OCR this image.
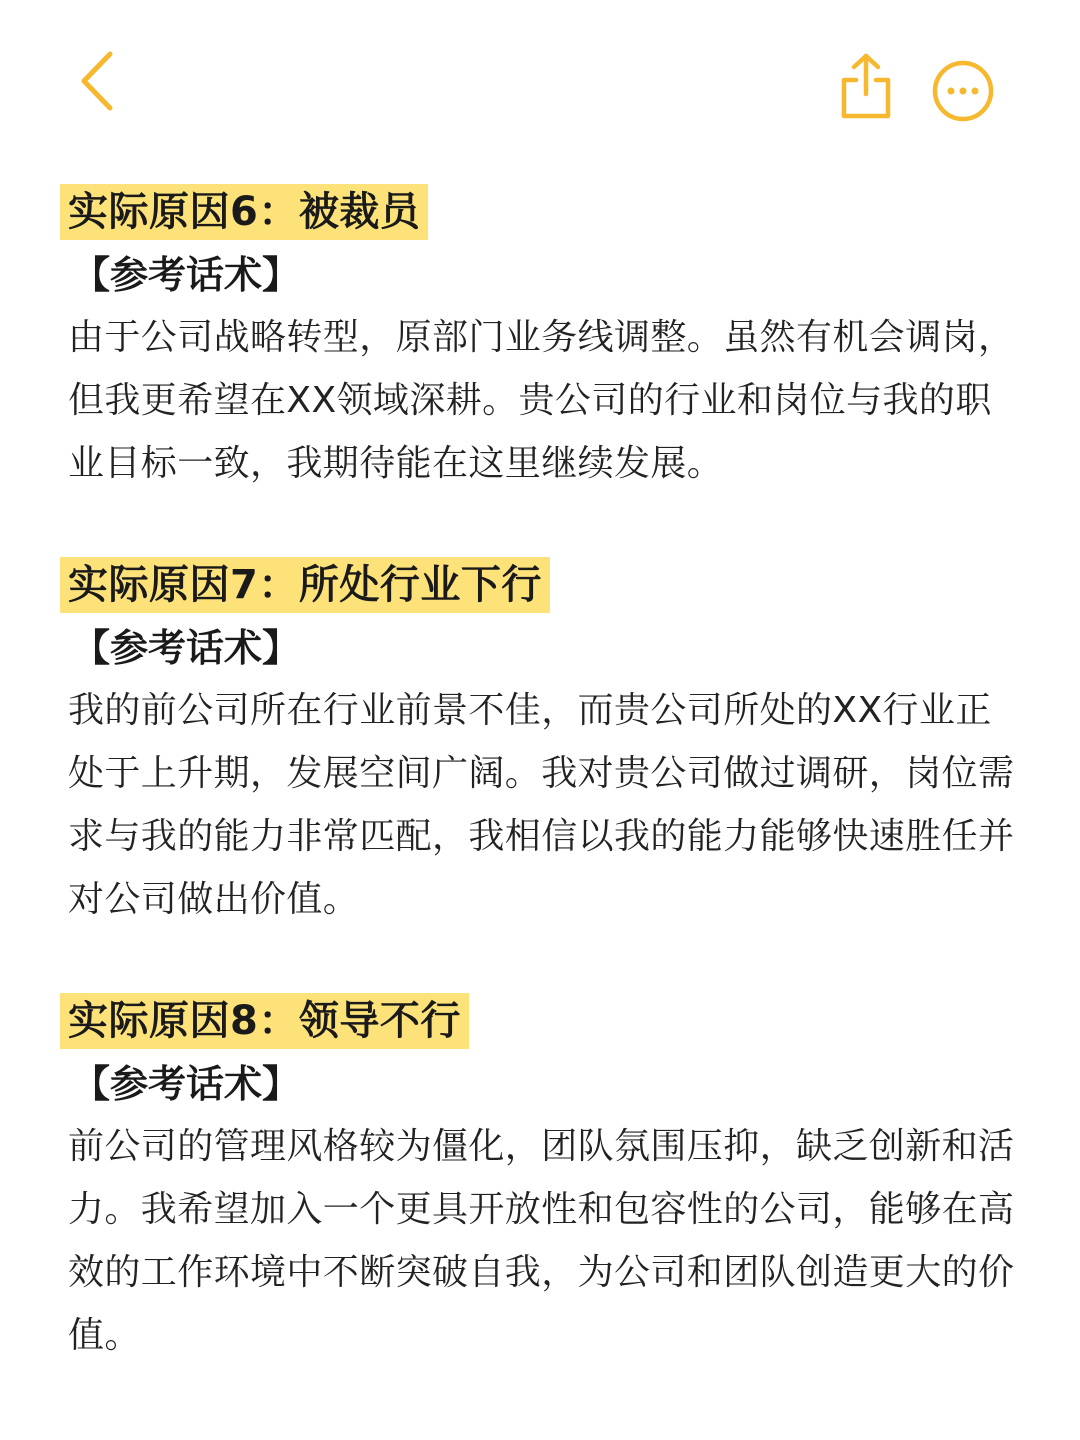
实际原因6：被裁员
【参考话术】
由于公司战略转型，原部门业务线调整。虽然有机会调岗，但我更希望在XX领域深耕。贵公司的行业和岗位与我的职业目标一致，我期待能在这里继续发展。
实际原因7：所处行业下行
【参考话术】
我的前公司所在行业前景不佳，而贵公司所处的XX行业正处于上升期，发展空间广阔。我对贵公司做过调研，岗位需求与我的能力非常匹配，我相信以我的能力能够快速胜任并对公司做出价值。
实际原因8：领导不行
【参考话术】
前公司的管理风格较为僵化，团队氛围压抑，缺乏创新和活力。我希望加入一个更具开放性和包容性的公司，能够在高效的工作环境中不断突破自我，为公司和团队创造更大的价值。
